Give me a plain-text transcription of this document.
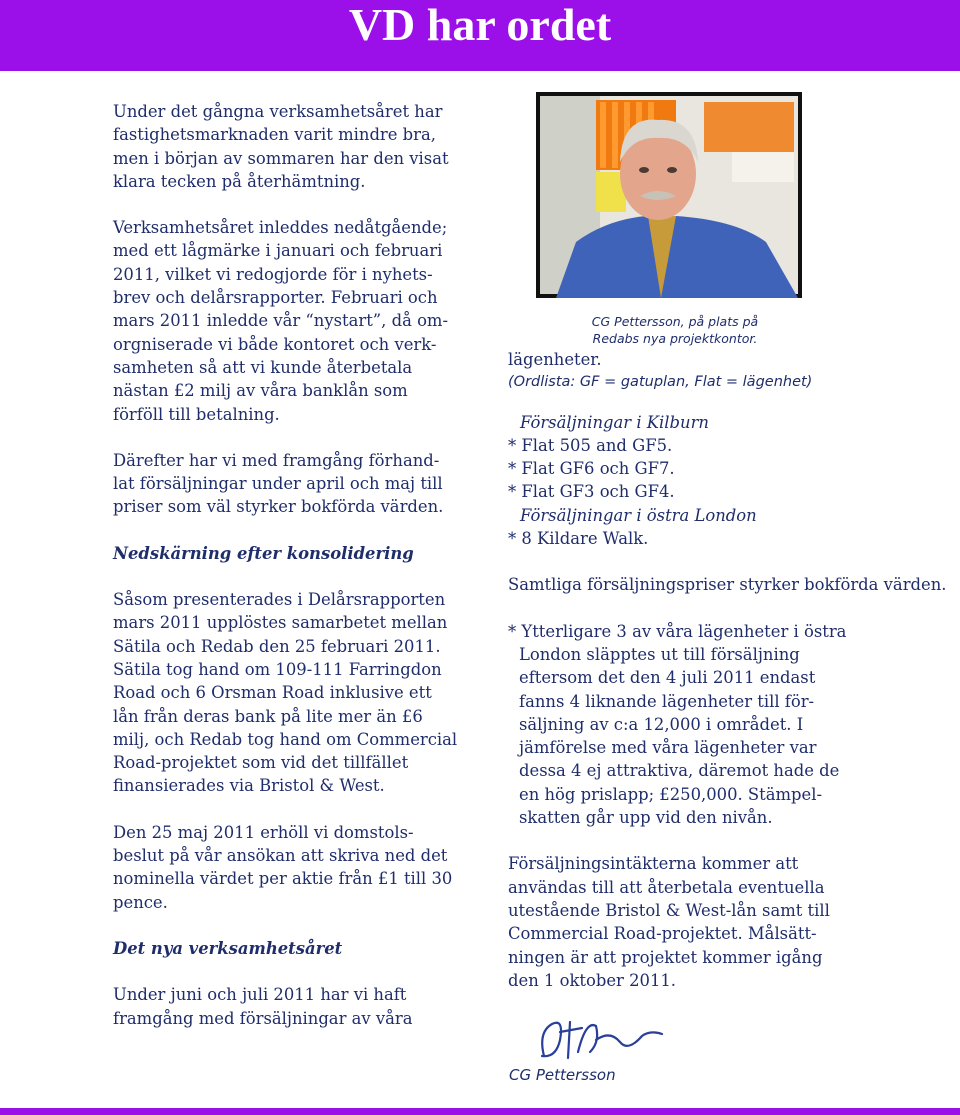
VD har ordet

Under det gångna verksamhetsåret har fastighetsmarknaden varit mindre bra, men i början av sommaren har den visat klara tecken på återhämtning.

Verksamhetsåret inleddes nedåtgående; med ett lågmärke i januari och februari 2011, vilket vi redogjorde för i nyhets-brev och delårsrapporter. Februari och mars 2011 inledde vår “nystart”, då om-orgniserade vi både kontoret och verk-samheten så att vi kunde återbetala nästan £2 milj av våra banklån som förföll till betalning.

Därefter har vi med framgång förhand-lat försäljningar under april och maj till priser som väl styrker bokförda värden.

Nedskärning efter konsolidering

Såsom presenterades i Delårsrapporten mars 2011 upplöstes samarbetet mellan Sätila och Redab den 25 februari 2011. Sätila tog hand om 109-111 Farringdon Road och 6 Orsman Road inklusive ett lån från deras bank på lite mer än £6 milj, och Redab tog hand om Commercial Road-projektet som vid det tillfället finansierades via Bristol & West.

Den 25 maj 2011 erhöll vi domstols-beslut på vår ansökan att skriva ned det nominella värdet per aktie från £1 till 30 pence.

Det nya verksamhetsåret

Under juni och juli 2011 har vi haft framgång med försäljningar av våra

CG Pettersson, på plats på
Redabs nya projektkontor.

lägenheter.

(Ordlista: GF = gatuplan, Flat = lägenhet)

Försäljningar i Kilburn

* Flat 505 and GF5.

* Flat GF6 och GF7.

* Flat GF3 och GF4.

Försäljningar i östra London

* 8 Kildare Walk.

Samtliga försäljningspriser styrker bokförda värden.

* Ytterligare 3 av våra lägenheter i östra London släpptes ut till försäljning eftersom det den 4 juli 2011 endast fanns 4 liknande lägenheter till för-säljning av c:a 12,000 i området. I jämförelse med våra lägenheter var dessa 4 ej attraktiva, däremot hade de en hög prislapp; £250,000. Stämpel-skatten går upp vid den nivån.

Försäljningsintäkterna kommer att användas till att återbetala eventuella utestående Bristol & West-lån samt till Commercial Road-projektet. Målsätt-ningen är att projektet kommer igång den 1 oktober 2011.

CG Pettersson
